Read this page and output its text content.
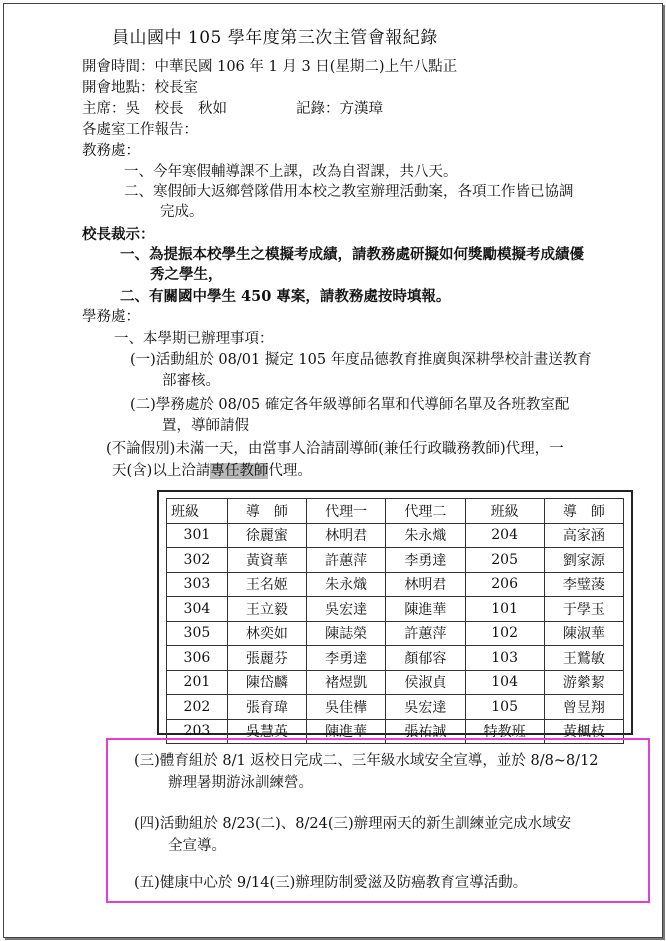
員山國中 105 學年度第三次主管會報紀錄
開會時間：中華民國 106 年 1 月 3 日(星期二)上午八點正
開會地點：校長室
主席：吳　校長　秋如	記錄：方漢璋
各處室工作報告：
教務處：
一、今年寒假輔導課不上課，改為自習課，共八天。
二、寒假師大返鄉營隊借用本校之教室辦理活動案，各項工作皆已協調
完成。
校長裁示：
一、為提振本校學生之模擬考成績，請教務處研擬如何獎勵模擬考成績優
秀之學生，
二、有關國中學生 450 專案，請教務處按時填報。
學務處：
一、本學期已辦理事項：
(一)活動組於 08/01 擬定 105 年度品德教育推廣與深耕學校計畫送教育
部審核。
(二)學務處於 08/05 確定各年級導師名單和代導師名單及各班教室配
置，導師請假
(不論假別)未滿一天，由當事人洽請副導師(兼任行政職務教師)代理，一
天(含)以上洽請專任教師代理。
班級	導　師	代理一	代理二	班級	導　師
301	徐麗蜜	林明君	朱永熾	204	高家涵
302	黃資華	許蕙萍	李勇達	205	劉家源
303	王名姬	朱永熾	林明君	206	李璧蓤
304	王立毅	吳宏達	陳進華	101	于學玉
305	林奕如	陳誌榮	許蕙萍	102	陳淑華
306	張麗芬	李勇達	顏郁容	103	王鷲敏
201	陳岱麟	褚煜凱	侯淑貞	104	游縈絜
202	張育瑋	吳佳樺	吳宏達	105	曾昱翔
203	吳慧英	陳進華	張祐誠	特教班	黃楓枝
(三)體育組於 8/1 返校日完成二、三年級水域安全宣導，並於 8/8~8/12
辦理暑期游泳訓練營。
(四)活動組於 8/23(二)、8/24(三)辦理兩天的新生訓練並完成水域安
全宣導。
(五)健康中心於 9/14(三)辦理防制愛滋及防癌教育宣導活動。
